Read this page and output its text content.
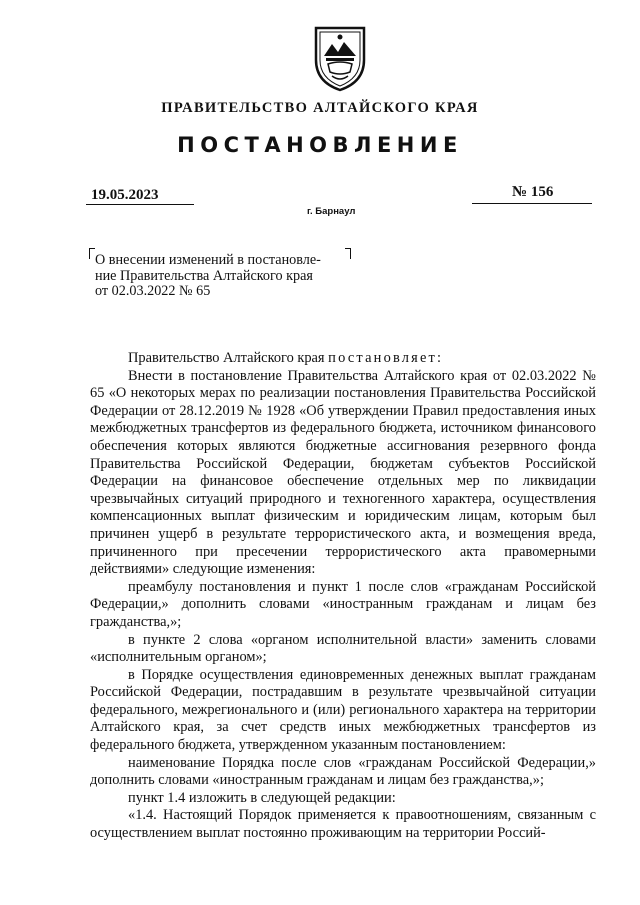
ПРАВИТЕЛЬСТВО АЛТАЙСКОГО КРАЯ
ПОСТАНОВЛЕНИЕ
19.05.2023	№ 156
г. Барнаул
О внесении изменений в постановле-
ние Правительства Алтайского края
от 02.03.2022 № 65

Правительство Алтайского края постановляет:

Внести в постановление Правительства Алтайского края от 02.03.2022 № 65 «О некоторых мерах по реализации постановления Правительства Российской Федерации от 28.12.2019 № 1928 «Об утверждении Правил предоставления иных межбюджетных трансфертов из федерального бюджета, источником финансового обеспечения которых являются бюджетные ассигнования резервного фонда Правительства Российской Федерации, бюджетам субъектов Российской Федерации на финансовое обеспечение отдельных мер по ликвидации чрезвычайных ситуаций природного и техногенного характера, осуществления компенсационных выплат физическим и юридическим лицам, которым был причинен ущерб в результате террористического акта, и возмещения вреда, причиненного при пресечении террористического акта правомерными действиями» следующие изменения:

преамбулу постановления и пункт 1 после слов «гражданам Российской Федерации,» дополнить словами «иностранным гражданам и лицам без гражданства,»;

в пункте 2 слова «органом исполнительной власти» заменить словами «исполнительным органом»;

в Порядке осуществления единовременных денежных выплат гражданам Российской Федерации, пострадавшим в результате чрезвычайной ситуации федерального, межрегионального и (или) регионального характера на территории Алтайского края, за счет средств иных межбюджетных трансфертов из федерального бюджета, утвержденном указанным постановлением:

наименование Порядка после слов «гражданам Российской Федерации,» дополнить словами «иностранным гражданам и лицам без гражданства,»;

пункт 1.4 изложить в следующей редакции:

«1.4. Настоящий Порядок применяется к правоотношениям, связанным с осуществлением выплат постоянно проживающим на территории Россий-
